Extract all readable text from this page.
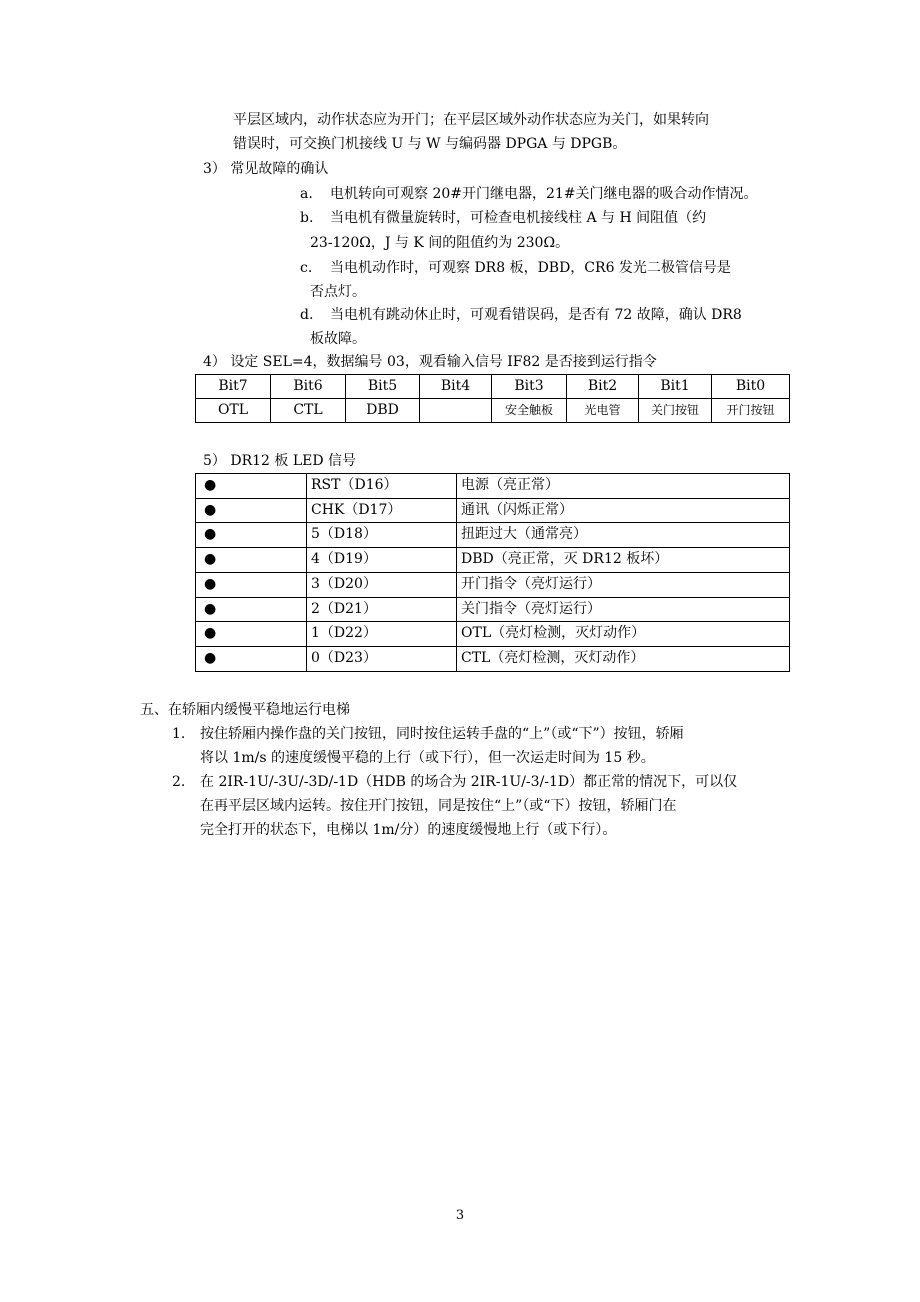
平层区域内，动作状态应为开门；在平层区域外动作状态应为关门，如果转向
错误时，可交换门机接线 U 与 W 与编码器 DPGA 与 DPGB。
3） 常见故障的确认
a. 电机转向可观察 20#开门继电器，21#关门继电器的吸合动作情况。
b. 当电机有微量旋转时，可检查电机接线柱 A 与 H 间阻值（约
23-120Ω，J 与 K 间的阻值约为 230Ω。
c. 当电机动作时，可观察 DR8 板，DBD，CR6 发光二极管信号是
否点灯。
d. 当电机有跳动休止时，可观看错误码，是否有 72 故障，确认 DR8
板故障。
4） 设定 SEL=4，数据编号 03，观看输入信号 IF82 是否接到运行指令
Bit7	Bit6	Bit5	Bit4	Bit3	Bit2	Bit1	Bit0
OTL	CTL	DBD		安全触板	光电管	关门按钮	开门按钮
5） DR12 板 LED 信号
●	RST（D16）	电源（亮正常）
●	CHK（D17）	通讯（闪烁正常）
●	5（D18）	扭距过大（通常亮）
●	4（D19）	DBD（亮正常，灭 DR12 板坏）
●	3（D20）	开门指令（亮灯运行）
●	2（D21）	关门指令（亮灯运行）
●	1（D22）	OTL（亮灯检测，灭灯动作）
●	0（D23）	CTL（亮灯检测，灭灯动作）
五、在轿厢内缓慢平稳地运行电梯
1. 按住轿厢内操作盘的关门按钮，同时按住运转手盘的“上”（或“下”）按钮，轿厢
将以 1m/s 的速度缓慢平稳的上行（或下行），但一次运走时间为 15 秒。
2. 在 2IR-1U/-3U/-3D/-1D（HDB 的场合为 2IR-1U/-3/-1D）都正常的情况下，可以仅
在再平层区域内运转。按住开门按钮，同是按住“上”（或“下）按钮，轿厢门在
完全打开的状态下，电梯以 1m/分）的速度缓慢地上行（或下行）。
3
